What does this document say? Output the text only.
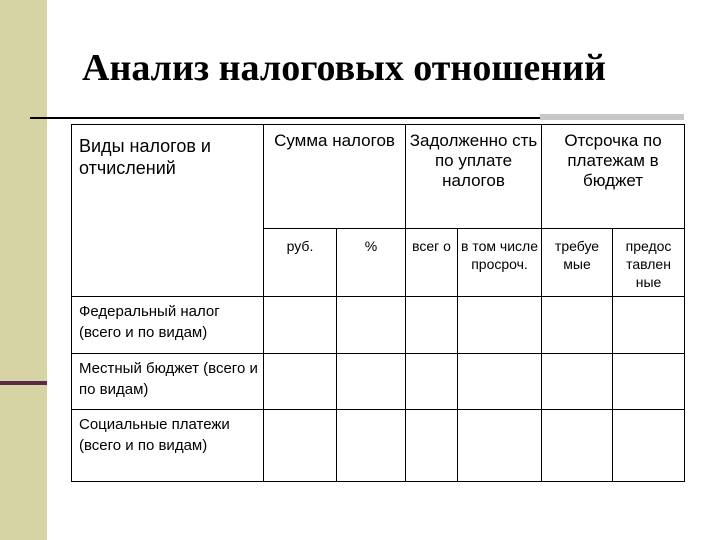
Анализ налоговых отношений
Виды налогов и отчислений	Сумма налогов		Задолженно сть по уплате налогов		Отсрочка по платежам в бюджет	
	руб.	%	всег о	в том числе просроч.	требуе мые	предос тавлен ные
Федеральный налог (всего и по видам)						
Местный бюджет (всего и по видам)						
Социальные платежи (всего и по видам)						
